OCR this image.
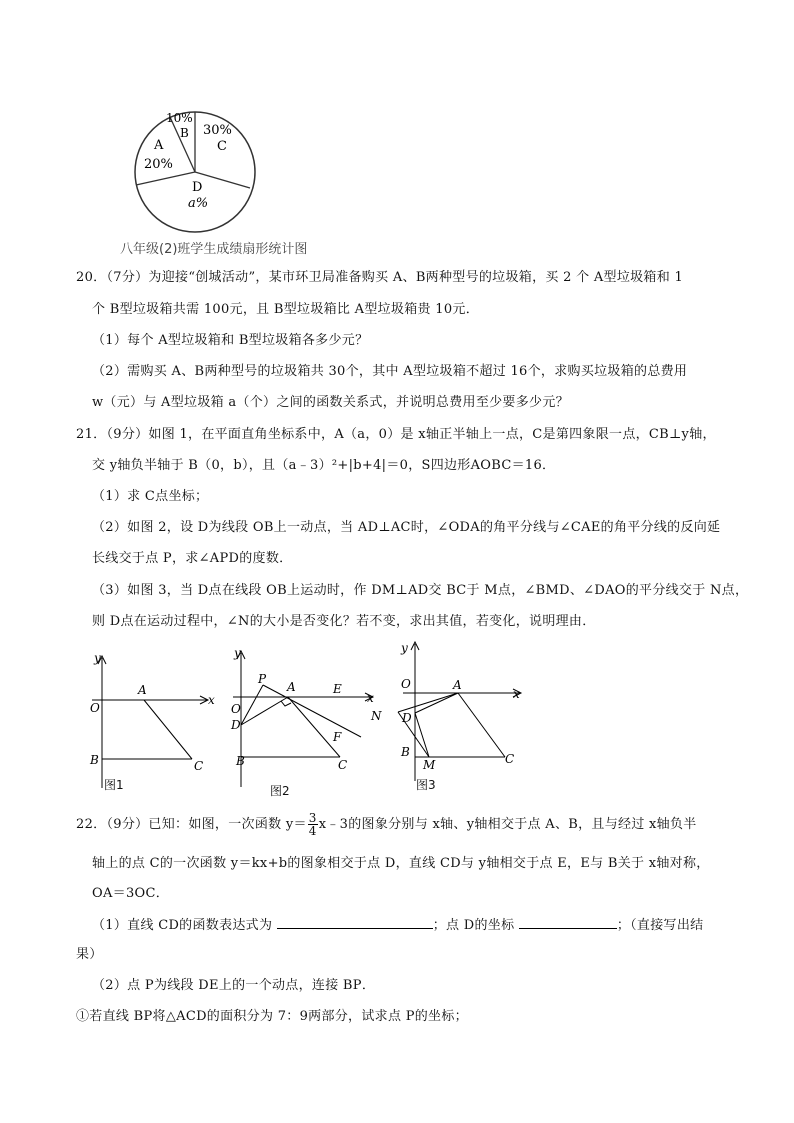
10%
B 30%
C
A
20%
D
a%
八年级(2)班学生成绩扇形统计图
20．（7分）为迎接“创城活动”，某市环卫局准备购买 A、B两种型号的垃圾箱，买 2 个 A型垃圾箱和 1
个 B型垃圾箱共需 100元，且 B型垃圾箱比 A型垃圾箱贵 10元．
（1）每个 A型垃圾箱和 B型垃圾箱各多少元？
（2）需购买 A、B两种型号的垃圾箱共 30个，其中 A型垃圾箱不超过 16个，求购买垃圾箱的总费用
w（元）与 A型垃圾箱 a（个）之间的函数关系式，并说明总费用至少要多少元？
21．（9分）如图 1，在平面直角坐标系中，A（a，0）是 x轴正半轴上一点，C是第四象限一点，CB⊥y轴，
交 y轴负半轴于 B（0，b），且（a﹣3）²+|b+4|＝0，S四边形AOBC＝16．
（1）求 C点坐标；
（2）如图 2，设 D为线段 OB上一动点，当 AD⊥AC时，∠ODA的角平分线与∠CAE的角平分线的反向延
长线交于点 P，求∠APD的度数．
（3）如图 3，当 D点在线段 OB上运动时，作 DM⊥AD交 BC于 M点，∠BMD、∠DAO的平分线交于 N点，
则 D点在运动过程中，∠N的大小是否变化？若不变，求出其值，若变化，说明理由．
y
x
A
O
B	C
图1
y
x
P
A	E
O
D
F
B	C
图2
y
x
O	A
N D
B
M	C
图3
22．（9分）已知：如图，一次函数 $y= \frac{3}{4}$ x﹣3的图象分别与 x轴、y轴相交于点 A、B，且与经过 x轴负半
轴上的点 C的一次函数 y＝kx+b的图象相交于点 D，直线 CD与 y轴相交于点 E，E与 B关于 x轴对称，
OA＝3OC．
（1）直线 CD的函数表达式为	；点 D的坐标	；（直接写出结
果）
（2）点 P为线段 DE上的一个动点，连接 BP．
①若直线 BP将△ACD的面积分为 7：9两部分，试求点 P的坐标；
